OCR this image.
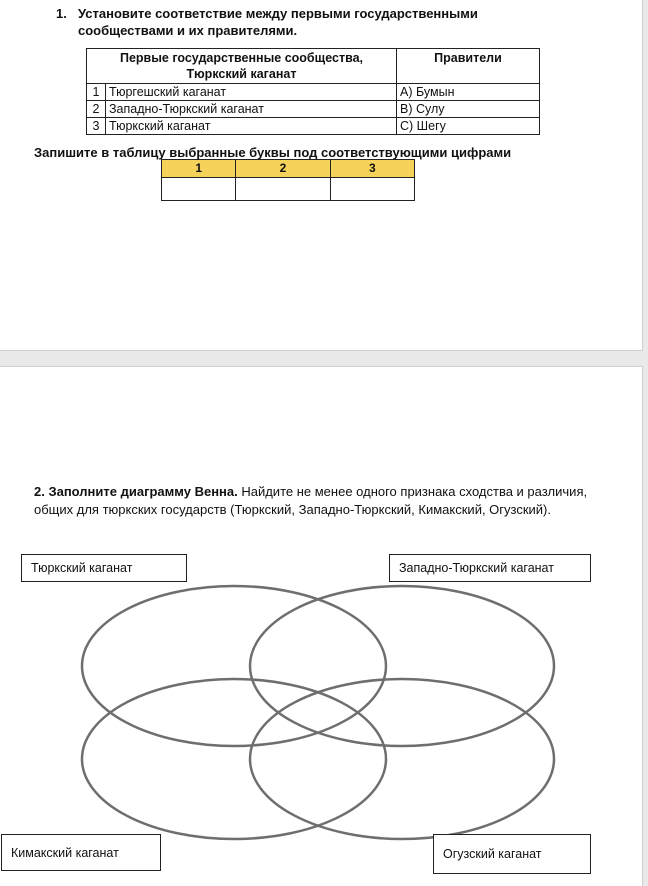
1. Установите соответствие между первыми государственными сообществами и их правителями.
Первые государственные сообщества, Тюркский каганат		Правители
1	Тюргешский каганат	А) Бумын
2	Западно-Тюркский каганат	В) Сулу
3	Тюркский каганат	С) Шегу
Запишите в таблицу выбранные буквы под соответствующими цифрами
1	2	3

2. Заполните диаграмму Венна. Найдите не менее одного признака сходства и различия, общих для тюркских государств (Тюркский, Западно-Тюркский, Кимакский, Огузский).
Тюркский каганат	Западно-Тюркский каганат
Кимакский каганат	Огузский каганат
